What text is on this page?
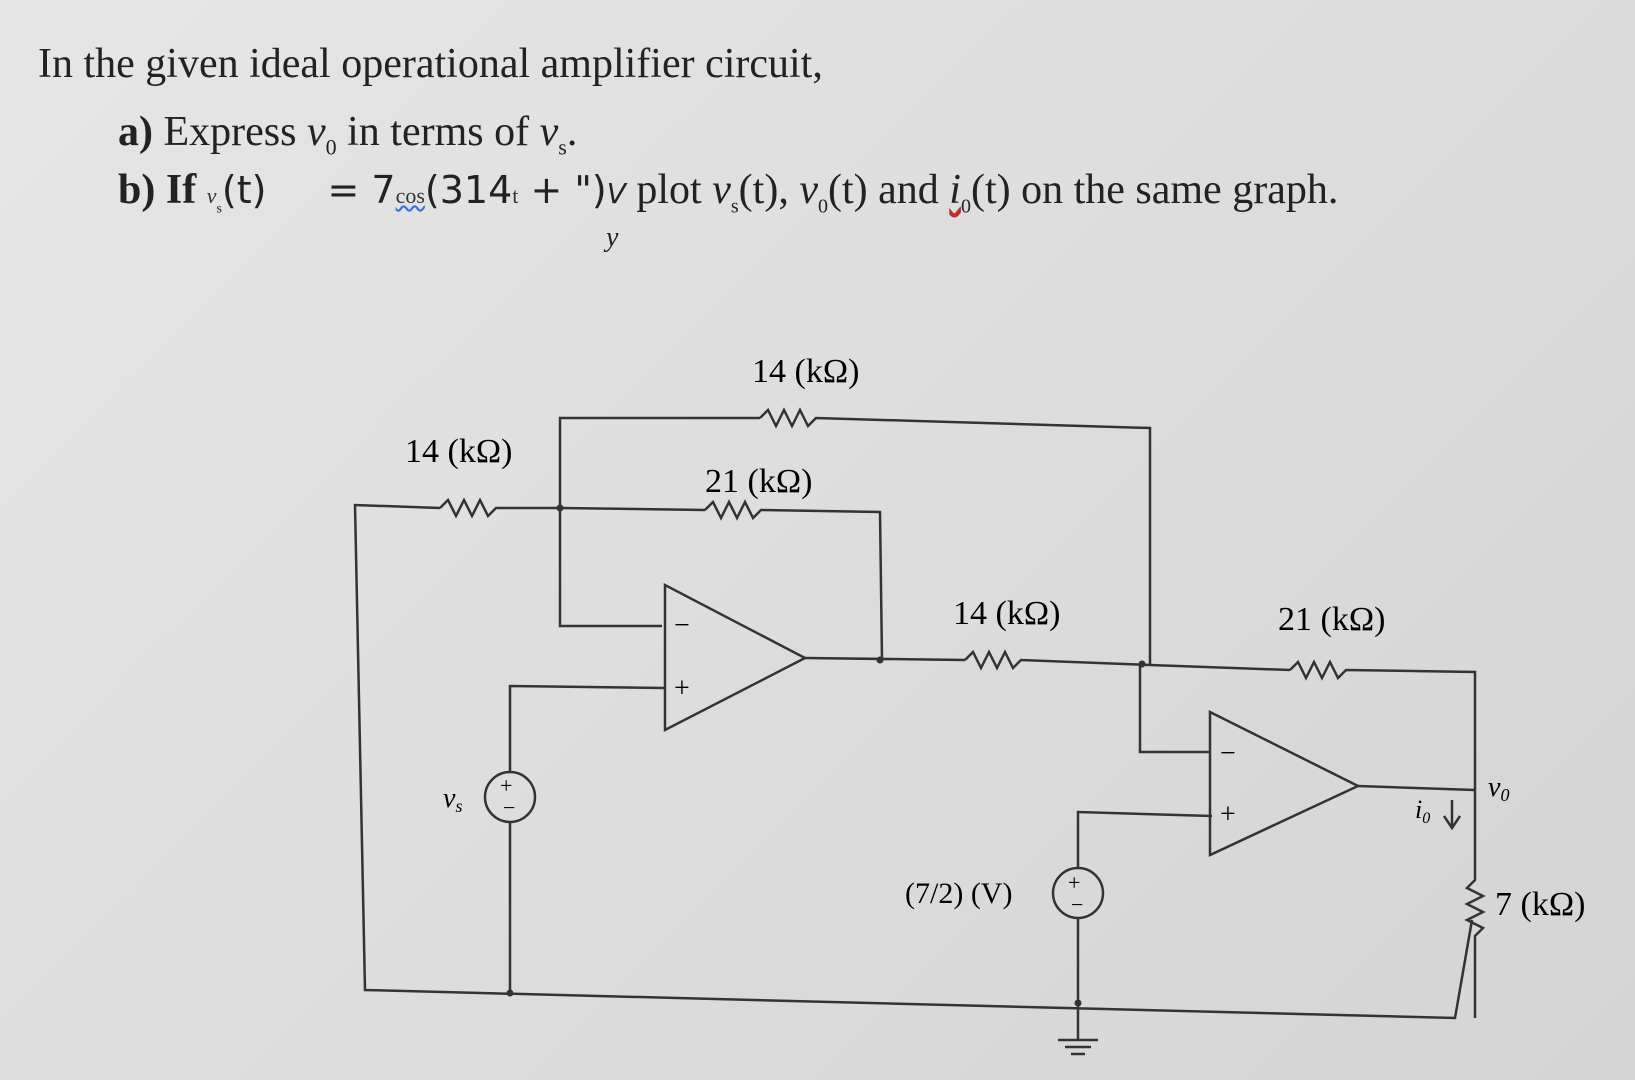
In the given ideal operational amplifier circuit,
a) Express $v_0$ in terms of $v_s$.
b) If $v_s(t) = 7\cos(314t$ + ")V plot $v_s(t)$, $v_0(t)$ and $i_0(t)$ on the same graph.
y
14 (kΩ)
14 (kΩ)
21 (kΩ)
14 (kΩ)	21 (kΩ)
7 (kΩ)
−
+
−
+
+
−
+
−
vs
(7/2) (V)
v0
i0
